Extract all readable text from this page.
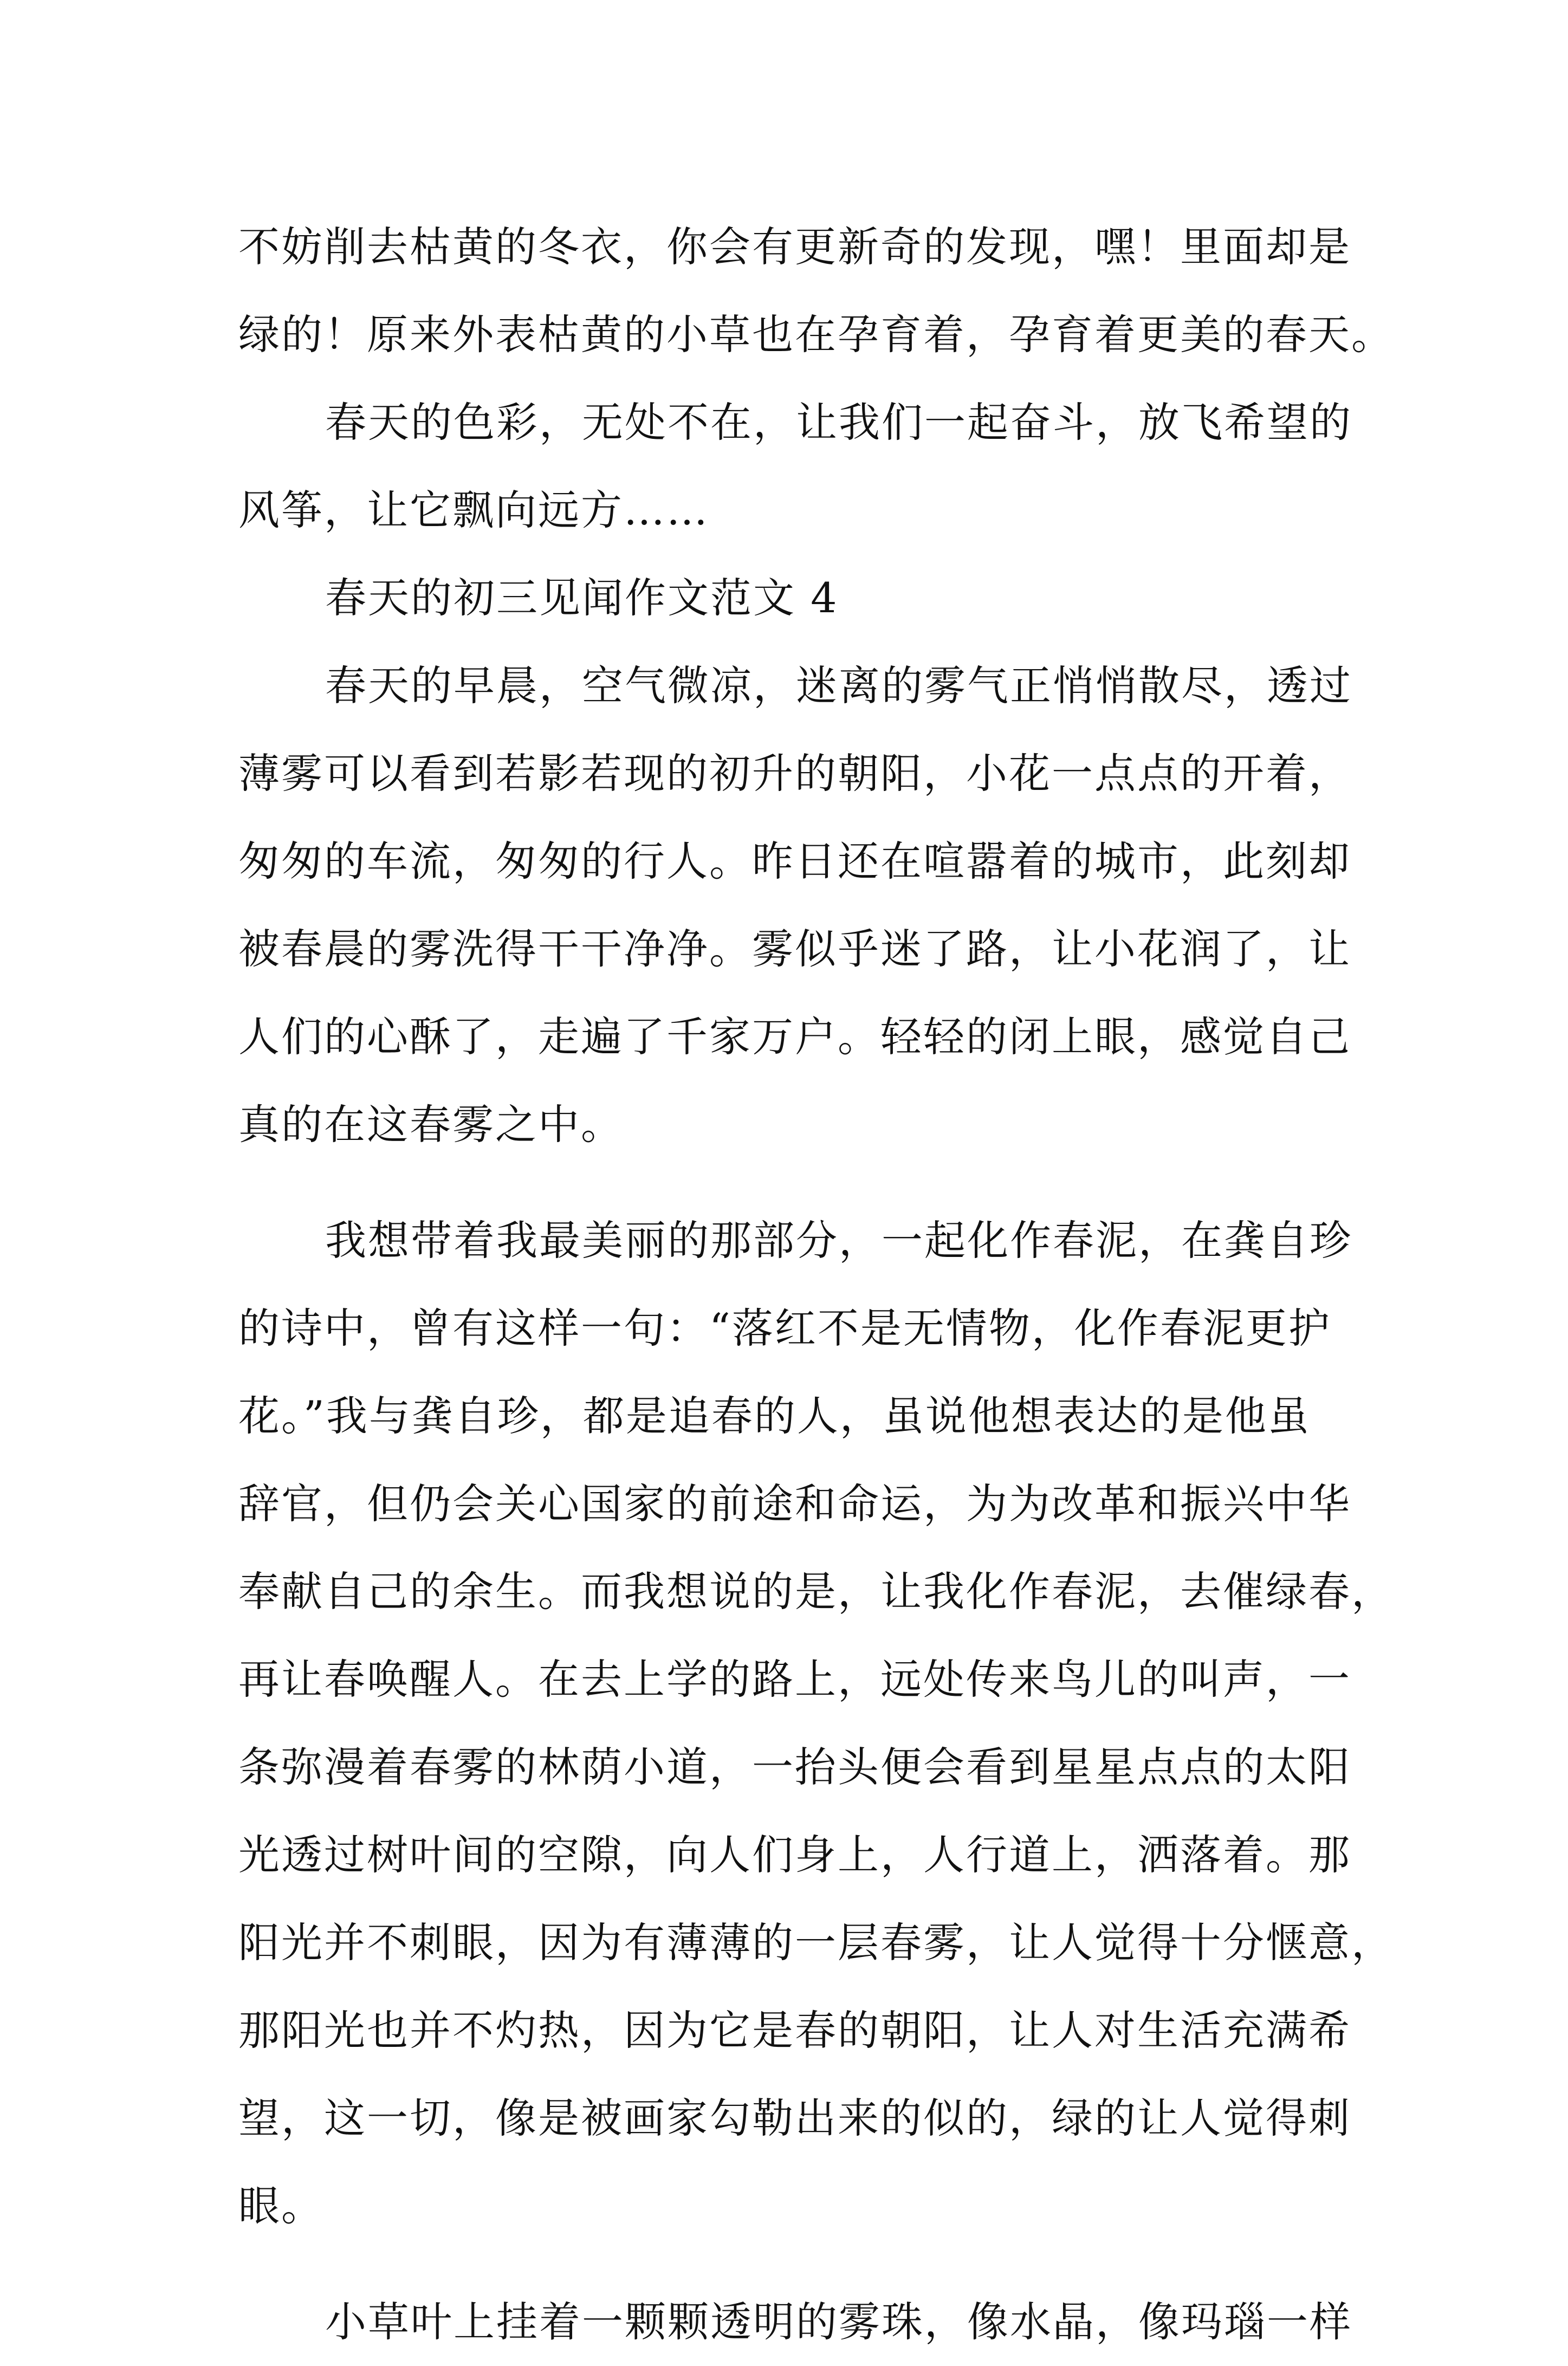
不妨削去枯黄的冬衣，你会有更新奇的发现，嘿！里面却是
绿的！原来外表枯黄的小草也在孕育着，孕育着更美的春天。
春天的色彩，无处不在，让我们一起奋斗，放飞希望的
风筝，让它飘向远方……
春天的初三见闻作文范文 4
春天的早晨，空气微凉，迷离的雾气正悄悄散尽，透过
薄雾可以看到若影若现的初升的朝阳，小花一点点的开着，
匆匆的车流，匆匆的行人。昨日还在喧嚣着的城市，此刻却
被春晨的雾洗得干干净净。雾似乎迷了路，让小花润了，让
人们的心酥了，走遍了千家万户。轻轻的闭上眼，感觉自己
真的在这春雾之中。
我想带着我最美丽的那部分，一起化作春泥，在龚自珍
的诗中，曾有这样一句：“落红不是无情物，化作春泥更护
花。”我与龚自珍，都是追春的人，虽说他想表达的是他虽
辞官，但仍会关心国家的前途和命运，为为改革和振兴中华
奉献自己的余生。而我想说的是，让我化作春泥，去催绿春，
再让春唤醒人。在去上学的路上，远处传来鸟儿的叫声，一
条弥漫着春雾的林荫小道，一抬头便会看到星星点点的太阳
光透过树叶间的空隙，向人们身上，人行道上，洒落着。那
阳光并不刺眼，因为有薄薄的一层春雾，让人觉得十分惬意，
那阳光也并不灼热，因为它是春的朝阳，让人对生活充满希
望，这一切，像是被画家勾勒出来的似的，绿的让人觉得刺
眼。
小草叶上挂着一颗颗透明的雾珠，像水晶，像玛瑙一样
